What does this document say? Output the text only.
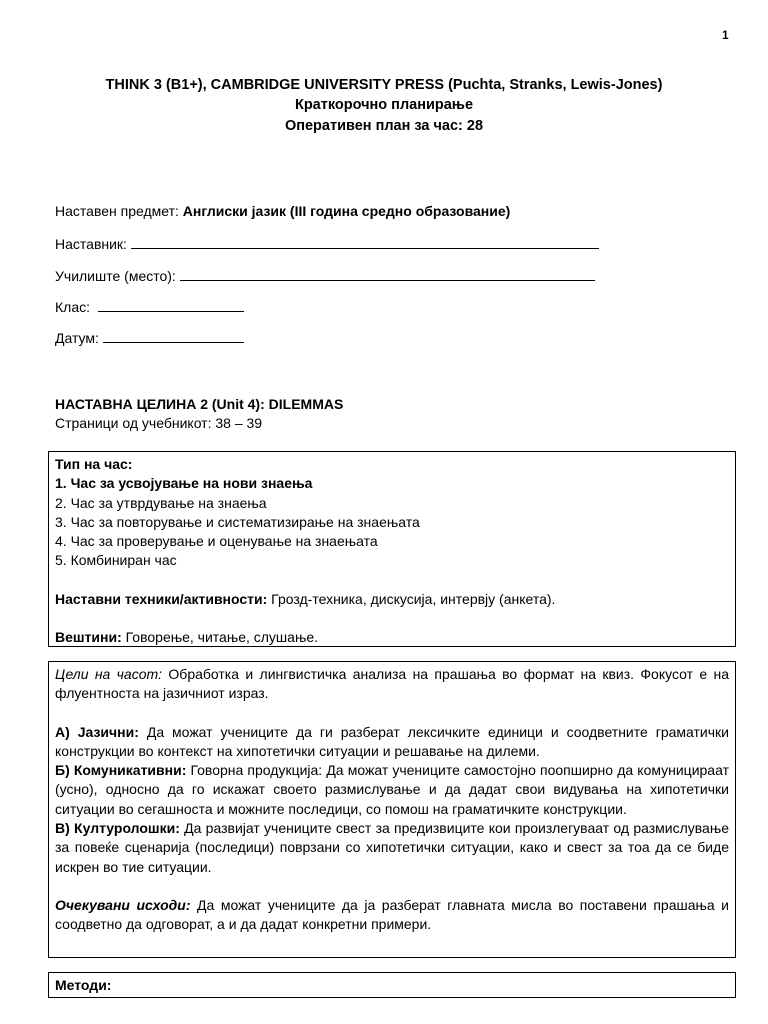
1
THINK 3 (B1+), CAMBRIDGE UNIVERSITY PRESS (Puchta, Stranks, Lewis-Jones)
Краткорочно планирање
Оперативен план за час: 28
Наставен предмет: Англиски јазик (III година средно образование)
Наставник:
Училиште (место):
Клас:
Датум:
НАСТАВНА ЦЕЛИНА 2 (Unit 4): DILEMMAS
Страници од учебникот: 38 – 39

Тип на час:

1. Час за усвојување на нови знаења

2. Час за утврдување на знаења

3. Час за повторување и систематизирање на знаењата

4. Час за проверување и оценување на знаењата

5. Комбиниран час

Наставни техники/активности: Грозд-техника, дискусија, интервју (анкета).

Вештини: Говорење, читање, слушање.

Цели на часот: Обработка и лингвистичка анализа на прашања во формат на квиз. Фокусот е на флуентноста на јазичниот израз.

А) Јазични: Да можат учениците да ги разберат лексичките единици и соодветните граматички конструкции во контекст на хипотетички ситуации и решавање на дилеми.

Б) Комуникативни: Говорна продукција: Да можат учениците самостојно поопширно да комуницираат (усно), односно да го искажат своето размислување и да дадат свои видувања на хипотетички ситуации во сегашноста и можните последици, со помош на граматичките конструкции.

В) Културолошки: Да развијат учениците свест за предизвиците кои произлегуваат од размислување за повеќе сценарија (последици) поврзани со хипотетички ситуации, како и свест за тоа да се биде искрен во тие ситуации.

Очекувани исходи: Да можат учениците да ја разберат главната мисла во поставени прашања и соодветно да одговорат, а и да дадат конкретни примери.

Методи:
